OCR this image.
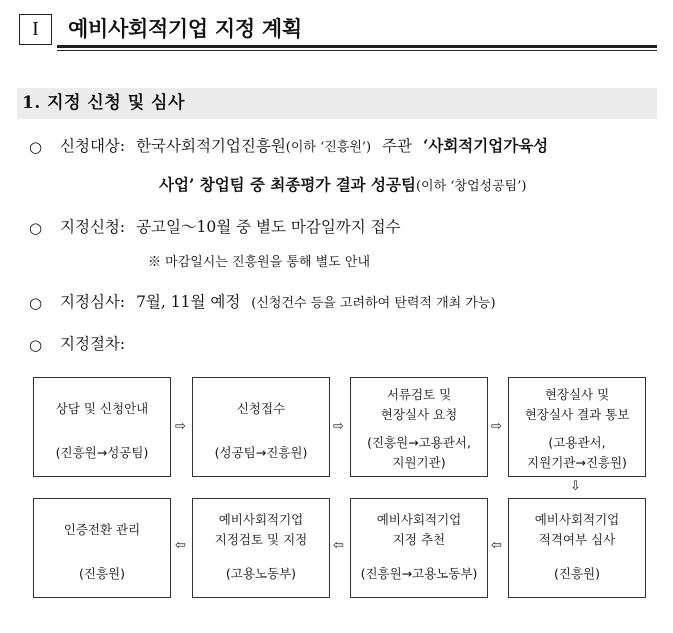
I	예비사회적기업 지정 계획
1. 지정 신청 및 심사
○ 신청대상: 한국사회적기업진흥원(이하 ‘진흥원’) 주관 ‘사회적기업가육성
사업’ 창업팀 중 최종평가 결과 성공팀(이하 ‘창업성공팀’)
○ 지정신청: 공고일～10월 중 별도 마감일까지 접수
※ 마감일시는 진흥원을 통해 별도 안내
○ 지정심사: 7월, 11월 예정 (신청건수 등을 고려하여 탄력적 개최 가능)
○ 지정절차:
상담 및 신청안내
(진흥원→성공팀)
⇨
신청접수
(성공팀→진흥원)
⇨
서류검토 및
현장실사 요청
(진흥원→고용관서,
지원기관)
⇨
현장실사 및
현장실사 결과 통보
(고용관서,
지원기관→진흥원)
⇩
인증전환 관리
(진흥원)
⇦
예비사회적기업
지정검토 및 지정
(고용노동부)
⇦
예비사회적기업
지정 추천
(진흥원→고용노동부)
⇦
예비사회적기업
적격여부 심사
(진흥원)
